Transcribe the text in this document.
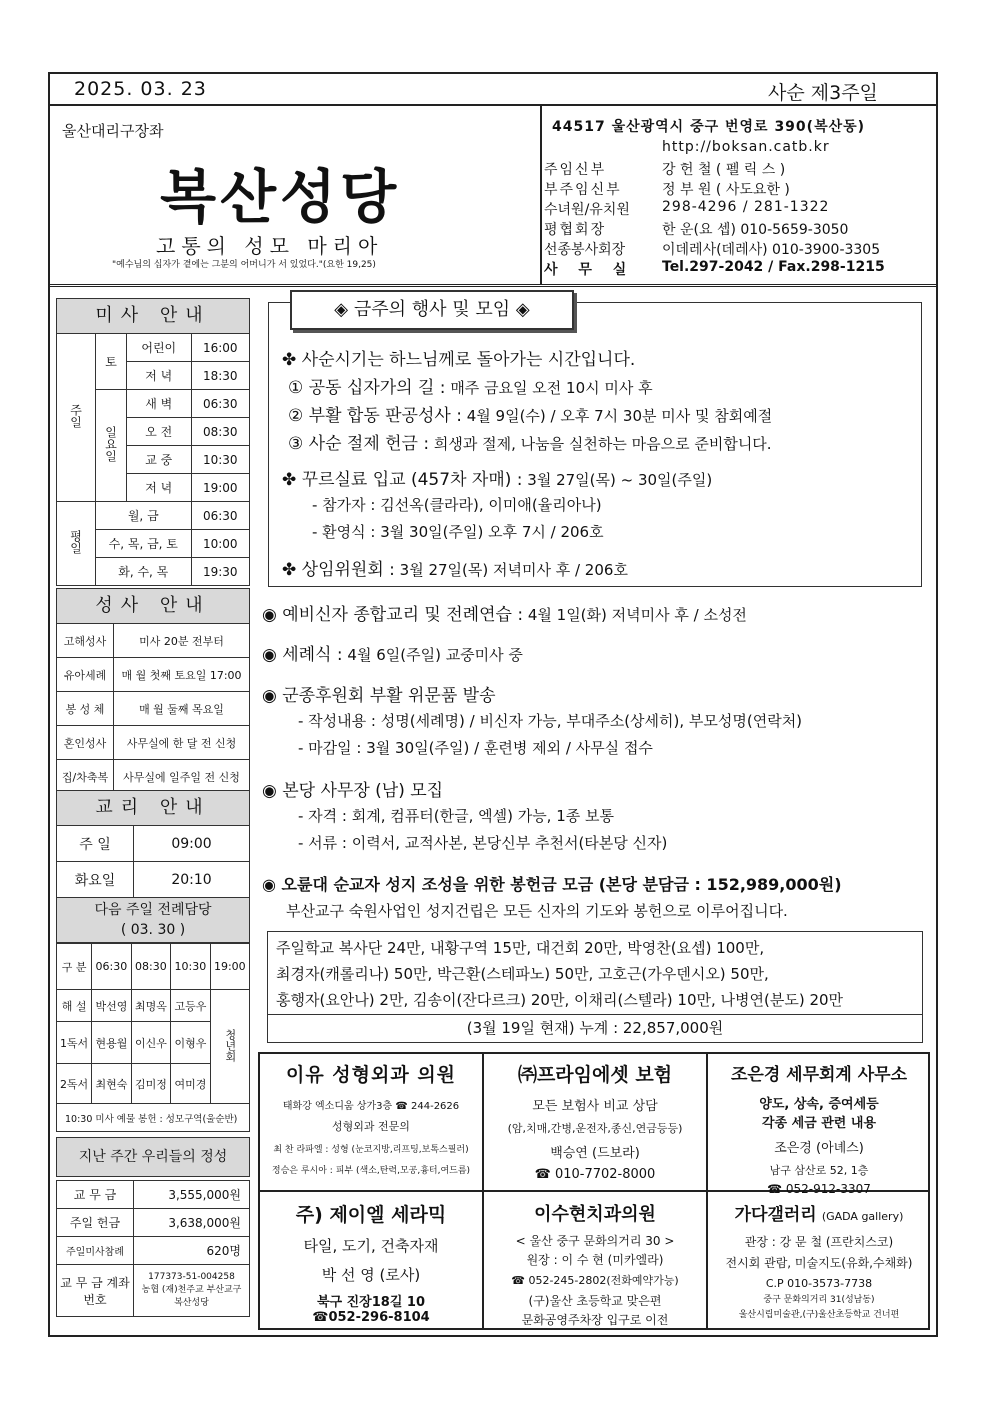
2025. 03. 23	사순 제3주일
울산대리구장좌
복산성당
고통의 성모 마리아
"예수님의 십자가 곁에는 그분의 어머니가 서 있었다."(요한 19,25)
44517 울산광역시 중구 번영로 390(복산동)
http://boksan.catb.kr
주임신부	강 헌 철 ( 펠 릭 스 )
부주임신부	정 부 원 ( 사도요한 )
수녀원/유치원	298-4296 / 281-1322
평협회장	한 운(요 셉) 010-5659-3050
선종봉사회장	이데레사(데레사) 010-3900-3305
사 무 실	Tel.297-2042 / Fax.298-1215
미사 안내
주일	토	어린이	16:00
		저 녁	18:30
	일요일	새 벽	06:30
		오 전	08:30
		교 중	10:30
		저 녁	19:00
평일	월, 금		06:30
	수, 목, 금, 토		10:00
	화, 수, 목		19:30
성사 안내
고해성사	미사 20분 전부터
유아세례	매 월 첫째 토요일 17:00
봉 성 체	매 월 둘째 목요일
혼인성사	사무실에 한 달 전 신청
집/차축복	사무실에 일주일 전 신청
교리 안내
주 일	09:00
화요일	20:10
다음 주일 전례담당
( 03. 30 )
구 분	06:30	08:30	10:30	19:00
해 설	박선영	최명옥	고등우	청년회
1독서	현용월	이신우	이형우	
2독서	최현숙	김미정	여미경	
10:30 미사 예물 봉헌 : 성모구역(울순반)				
지난 주간 우리들의 정성
교 무 금	3,555,000원
주일 헌금	3,638,000원
주일미사참례	620명
교 무 금 계좌번호	177373-51-004258
농협 (재)천주교 부산교구
복산성당
◈ 금주의 행사 및 모임 ◈
✤ 사순시기는 하느님께로 돌아가는 시간입니다.
① 공동 십자가의 길 : 매주 금요일 오전 10시 미사 후
② 부활 합동 판공성사 : 4월 9일(수) / 오후 7시 30분 미사 및 참회예절
③ 사순 절제 헌금 : 희생과 절제, 나눔을 실천하는 마음으로 준비합니다.
✤ 꾸르실료 입교 (457차 자매) : 3월 27일(목) ~ 30일(주일)
- 참가자 : 김선옥(클라라), 이미애(율리아나)
- 환영식 : 3월 30일(주일) 오후 7시 / 206호
✤ 상임위원회 : 3월 27일(목) 저녁미사 후 / 206호
◉ 예비신자 종합교리 및 전례연습 : 4월 1일(화) 저녁미사 후 / 소성전
◉ 세례식 : 4월 6일(주일) 교중미사 중
◉ 군종후원회 부활 위문품 발송
- 작성내용 : 성명(세례명) / 비신자 가능, 부대주소(상세히), 부모성명(연락처)
- 마감일 : 3월 30일(주일) / 훈련병 제외 / 사무실 접수
◉ 본당 사무장 (남) 모집
- 자격 : 회계, 컴퓨터(한글, 엑셀) 가능, 1종 보통
- 서류 : 이력서, 교적사본, 본당신부 추천서(타본당 신자)
◉ 오륜대 순교자 성지 조성을 위한 봉헌금 모금 (본당 분담금 : 152,989,000원)
부산교구 숙원사업인 성지건립은 모든 신자의 기도와 봉헌으로 이루어집니다.
주일학교 복사단 24만, 내황구역 15만, 대건회 20만, 박영찬(요셉) 100만,
최경자(캐롤리나) 50만, 박근환(스테파노) 50만, 고호근(가우덴시오) 50만,
홍행자(요안나) 2만, 김송이(잔다르크) 20만, 이채리(스텔라) 10만, 나병연(분도) 20만
(3월 19일 현재) 누계 : 22,857,000원
이유 성형외과 의원
태화강 엑소디움 상가3층 ☎ 244-2626
성형외과 전문의
최 찬 라파엘 : 성형 (눈코지방,리프팅,보톡스필러)
정승은 루시아 : 피부 (색소,탄력,모공,흉터,여드름)
㈜프라임에셋 보험
모든 보험사 비교 상담
(암,치매,간병,운전자,종신,연금등등)
백승연 (드보라)
☎ 010-7702-8000
조은경 세무회계 사무소
양도, 상속, 증여세등
각종 세금 관련 내용
조은경 (아녜스)
남구 삼산로 52, 1층
☎ 052-912-3307
주) 제이엘 세라믹
타일, 도기, 건축자재
박 선 영 (로사)
북구 진장18길 10
☎052-296-8104
이수현치과의원
< 울산 중구 문화의거리 30 >
원장 : 이 수 현 (미카엘라)
☎ 052-245-2802(전화예약가능)
(구)울산 초등학교 맞은편
문화공영주차장 입구로 이전
가다갤러리 (GADA gallery)
관장 : 강 문 철 (프란치스코)
전시회 관람, 미술지도(유화,수채화)
C.P 010-3573-7738
중구 문화의거리 31(성남동)
울산시립미술관,(구)울산초등학교 건너편
